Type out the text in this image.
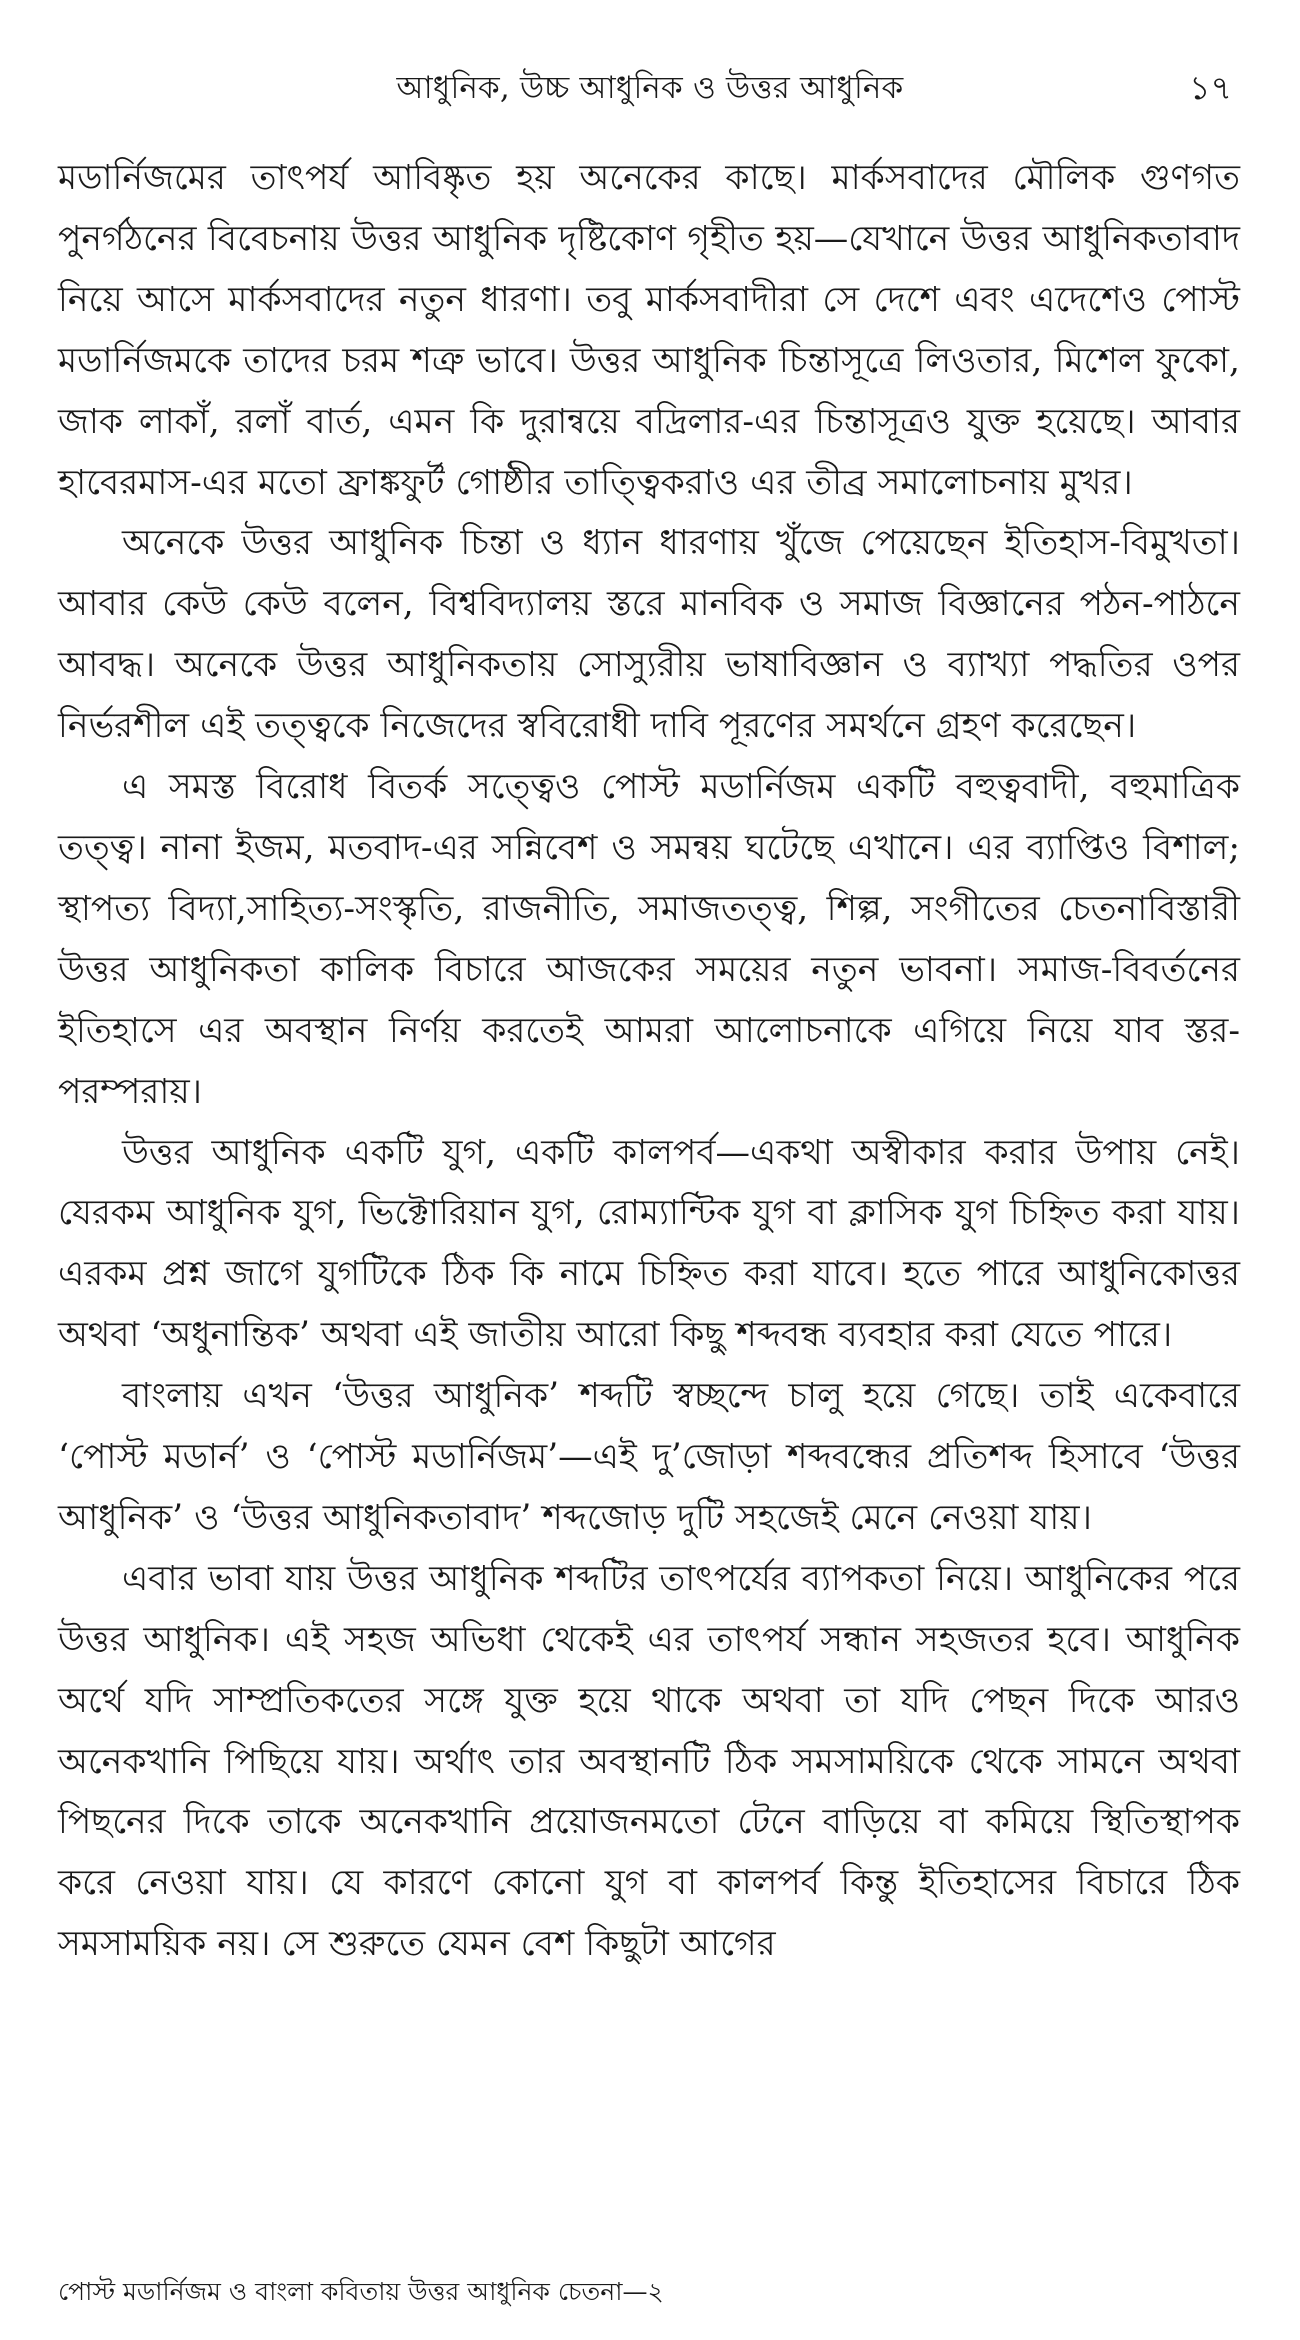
আধুনিক, উচ্চ আধুনিক ও উত্তর আধুনিক	১৭

মডার্নিজমের তাৎপর্য আবিষ্কৃত হয় অনেকের কাছে। মার্কসবাদের মৌলিক গুণগত পুনর্গঠনের বিবেচনায় উত্তর আধুনিক দৃষ্টিকোণ গৃহীত হয়—যেখানে উত্তর আধুনিকতাবাদ নিয়ে আসে মার্কসবাদের নতুন ধারণা। তবু মার্কসবাদীরা সে দেশে এবং এদেশেও পোস্ট মডার্নিজমকে তাদের চরম শত্রু ভাবে। উত্তর আধুনিক চিন্তাসূত্রে লিওতার, মিশেল ফুকো, জাক লাকাঁ, রলাঁ বার্ত, এমন কি দুরান্বয়ে বদ্রিলার-এর চিন্তাসূত্রও যুক্ত হয়েছে। আবার হাবেরমাস-এর মতো ফ্রাঙ্কফুর্ট গোষ্ঠীর তাত্ত্বিকরাও এর তীব্র সমালোচনায় মুখর।

অনেকে উত্তর আধুনিক চিন্তা ও ধ্যান ধারণায় খুঁজে পেয়েছেন ইতিহাস-বিমুখতা। আবার কেউ কেউ বলেন, বিশ্ববিদ্যালয় স্তরে মানবিক ও সমাজ বিজ্ঞানের পঠন-পাঠনে আবদ্ধ। অনেকে উত্তর আধুনিকতায় সোস্যুরীয় ভাষাবিজ্ঞান ও ব্যাখ্যা পদ্ধতির ওপর নির্ভরশীল এই তত্ত্বকে নিজেদের স্ববিরোধী দাবি পূরণের সমর্থনে গ্রহণ করেছেন।

এ সমস্ত বিরোধ বিতর্ক সত্ত্বেও পোস্ট মডার্নিজম একটি বহুত্ববাদী, বহুমাত্রিক তত্ত্ব। নানা ইজম, মতবাদ-এর সন্নিবেশ ও সমন্বয় ঘটেছে এখানে। এর ব্যাপ্তিও বিশাল; স্থাপত্য বিদ্যা,সাহিত্য-সংস্কৃতি, রাজনীতি, সমাজতত্ত্ব, শিল্প, সংগীতের চেতনাবিস্তারী উত্তর আধুনিকতা কালিক বিচারে আজকের সময়ের নতুন ভাবনা। সমাজ-বিবর্তনের ইতিহাসে এর অবস্থান নির্ণয় করতেই আমরা আলোচনাকে এগিয়ে নিয়ে যাব স্তর-পরম্পরায়।

উত্তর আধুনিক একটি যুগ, একটি কালপর্ব—একথা অস্বীকার করার উপায় নেই। যেরকম আধুনিক যুগ, ভিক্টোরিয়ান যুগ, রোম্যান্টিক যুগ বা ক্লাসিক যুগ চিহ্নিত করা যায়। এরকম প্রশ্ন জাগে যুগটিকে ঠিক কি নামে চিহ্নিত করা যাবে। হতে পারে আধুনিকোত্তর অথবা ‘অধুনান্তিক’ অথবা এই জাতীয় আরো কিছু শব্দবন্ধ ব্যবহার করা যেতে পারে।

বাংলায় এখন ‘উত্তর আধুনিক’ শব্দটি স্বচ্ছন্দে চালু হয়ে গেছে। তাই একেবারে ‘পোস্ট মডার্ন’ ও ‘পোস্ট মডার্নিজম’—এই দু’জোড়া শব্দবন্ধের প্রতিশব্দ হিসাবে ‘উত্তর আধুনিক’ ও ‘উত্তর আধুনিকতাবাদ’ শব্দজোড় দুটি সহজেই মেনে নেওয়া যায়।

এবার ভাবা যায় উত্তর আধুনিক শব্দটির তাৎপর্যের ব্যাপকতা নিয়ে। আধুনিকের পরে উত্তর আধুনিক। এই সহজ অভিধা থেকেই এর তাৎপর্য সন্ধান সহজতর হবে। আধুনিক অর্থে যদি সাম্প্রতিকতের সঙ্গে যুক্ত হয়ে থাকে অথবা তা যদি পেছন দিকে আরও অনেকখানি পিছিয়ে যায়। অর্থাৎ তার অবস্থানটি ঠিক সমসাময়িকে থেকে সামনে অথবা পিছনের দিকে তাকে অনেকখানি প্রয়োজনমতো টেনে বাড়িয়ে বা কমিয়ে স্থিতিস্থাপক করে নেওয়া যায়। যে কারণে কোনো যুগ বা কালপর্ব কিন্তু ইতিহাসের বিচারে ঠিক সমসাময়িক নয়। সে শুরুতে যেমন বেশ কিছুটা আগের

পোস্ট মডার্নিজম ও বাংলা কবিতায় উত্তর আধুনিক চেতনা—২
